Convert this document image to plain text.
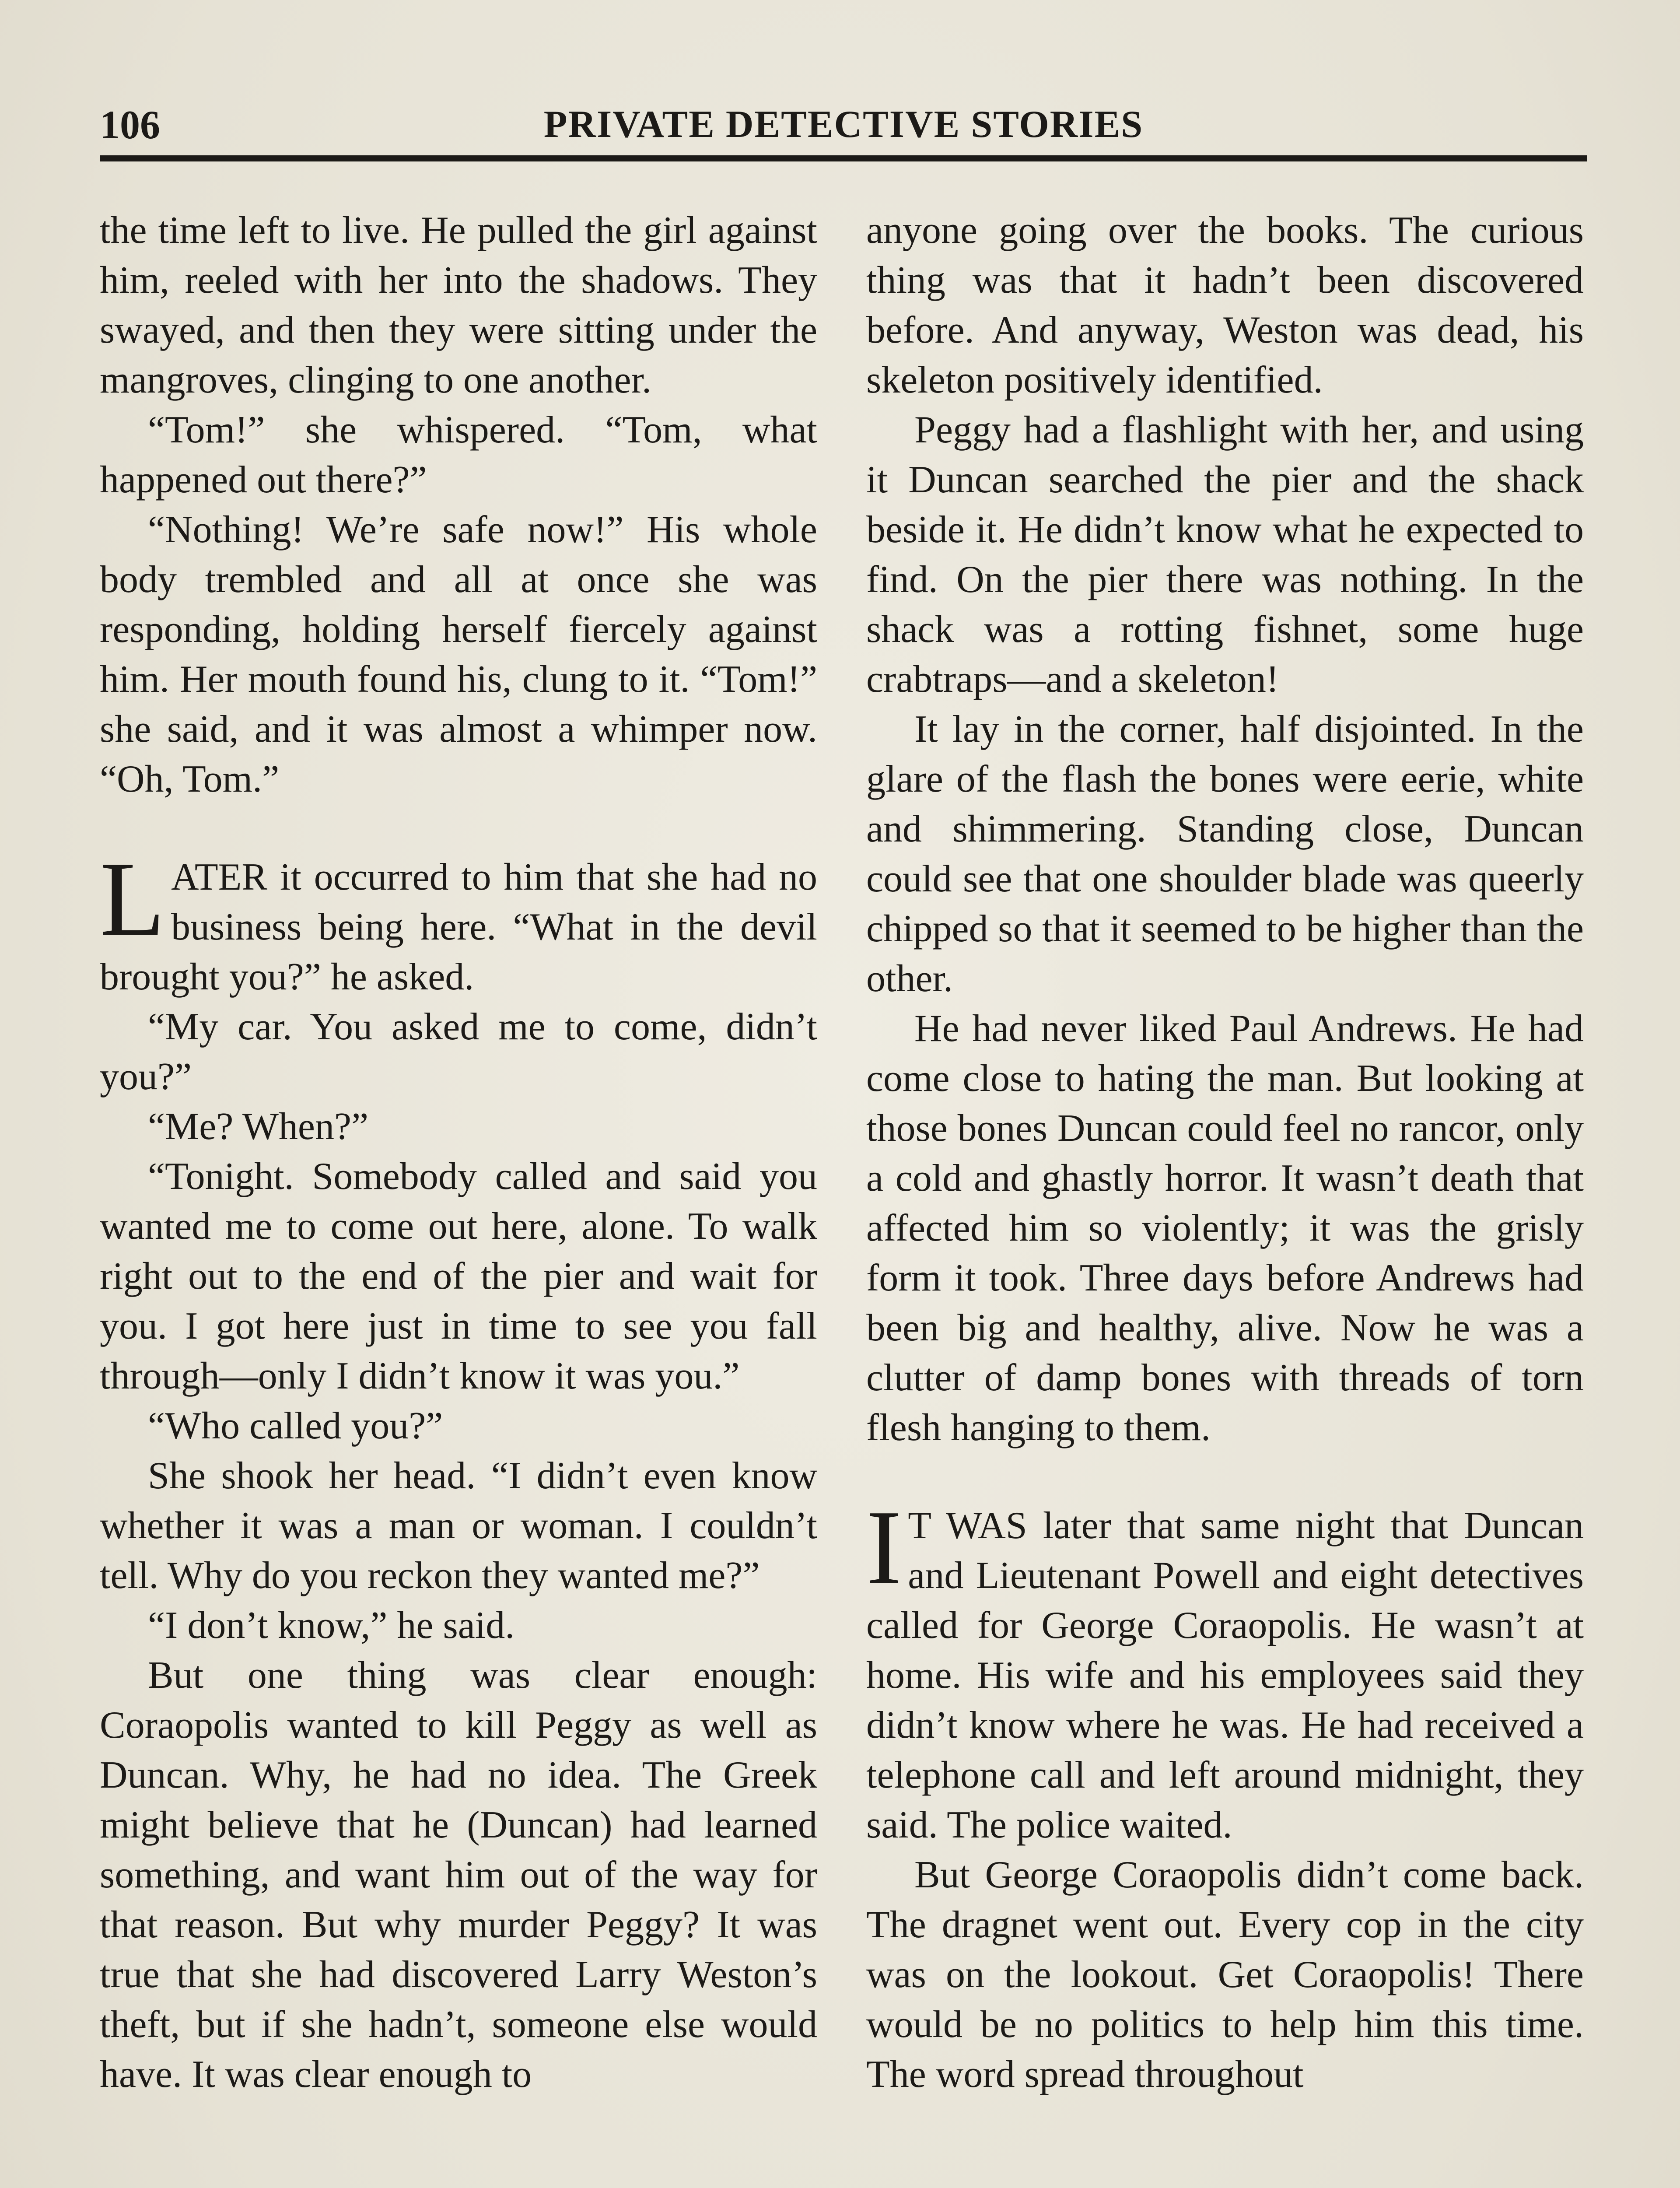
106	PRIVATE DETECTIVE STORIES

the time left to live. He pulled the girl against him, reeled with her into the shadows. They swayed, and then they were sitting under the mangroves, clinging to one another.

“Tom!” she whispered. “Tom, what happened out there?”

“Nothing! We’re safe now!” His whole body trembled and all at once she was responding, holding herself fiercely against him. Her mouth found his, clung to it. “Tom!” she said, and it was almost a whimper now. “Oh, Tom.”

LATER it occurred to him that she had no business being here. “What in the devil brought you?” he asked.

“My car. You asked me to come, didn’t you?”

“Me? When?”

“Tonight. Somebody called and said you wanted me to come out here, alone. To walk right out to the end of the pier and wait for you. I got here just in time to see you fall through—only I didn’t know it was you.”

“Who called you?”

She shook her head. “I didn’t even know whether it was a man or woman. I couldn’t tell. Why do you reckon they wanted me?”

“I don’t know,” he said.

But one thing was clear enough: Coraopolis wanted to kill Peggy as well as Duncan. Why, he had no idea. The Greek might believe that he (Duncan) had learned something, and want him out of the way for that reason. But why murder Peggy? It was true that she had discovered Larry Weston’s theft, but if she hadn’t, someone else would have. It was clear enough to

anyone going over the books. The curious thing was that it hadn’t been discovered before. And anyway, Weston was dead, his skeleton positively identified.

Peggy had a flashlight with her, and using it Duncan searched the pier and the shack beside it. He didn’t know what he expected to find. On the pier there was nothing. In the shack was a rotting fishnet, some huge crabtraps—and a skeleton!

It lay in the corner, half disjointed. In the glare of the flash the bones were eerie, white and shimmering. Standing close, Duncan could see that one shoulder blade was queerly chipped so that it seemed to be higher than the other.

He had never liked Paul Andrews. He had come close to hating the man. But looking at those bones Duncan could feel no rancor, only a cold and ghastly horror. It wasn’t death that affected him so violently; it was the grisly form it took. Three days before Andrews had been big and healthy, alive. Now he was a clutter of damp bones with threads of torn flesh hanging to them.

I T WAS later that same night that Duncan and Lieutenant Powell and eight detectives called for George Coraopolis. He wasn’t at home. His wife and his employees said they didn’t know where he was. He had received a telephone call and left around midnight, they said. The police waited.

But George Coraopolis didn’t come back. The dragnet went out. Every cop in the city was on the lookout. Get Coraopolis! There would be no politics to help him this time. The word spread throughout
